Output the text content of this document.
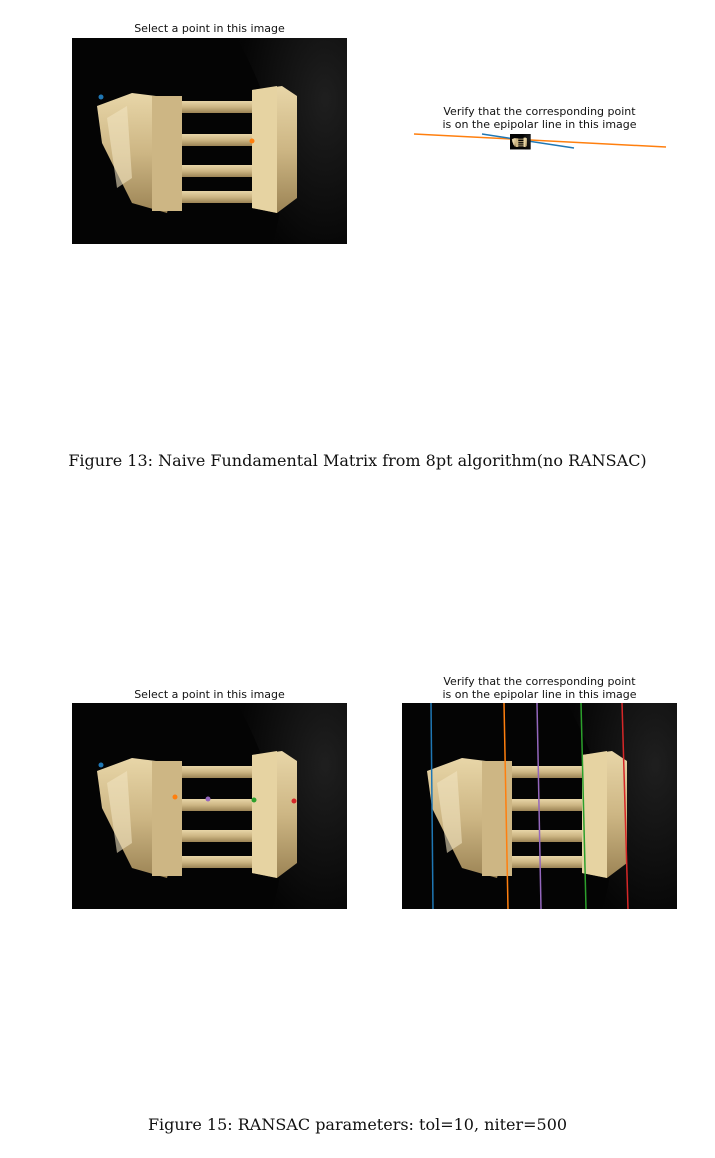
Select a point in this image
Verify that the corresponding point
is on the epipolar line in this image
Figure 13: Naive Fundamental Matrix from 8pt algorithm(no RANSAC)
Select a point in this image
Verify that the corresponding point
is on the epipolar line in this image
Figure 15: RANSAC parameters: tol=10, niter=500
